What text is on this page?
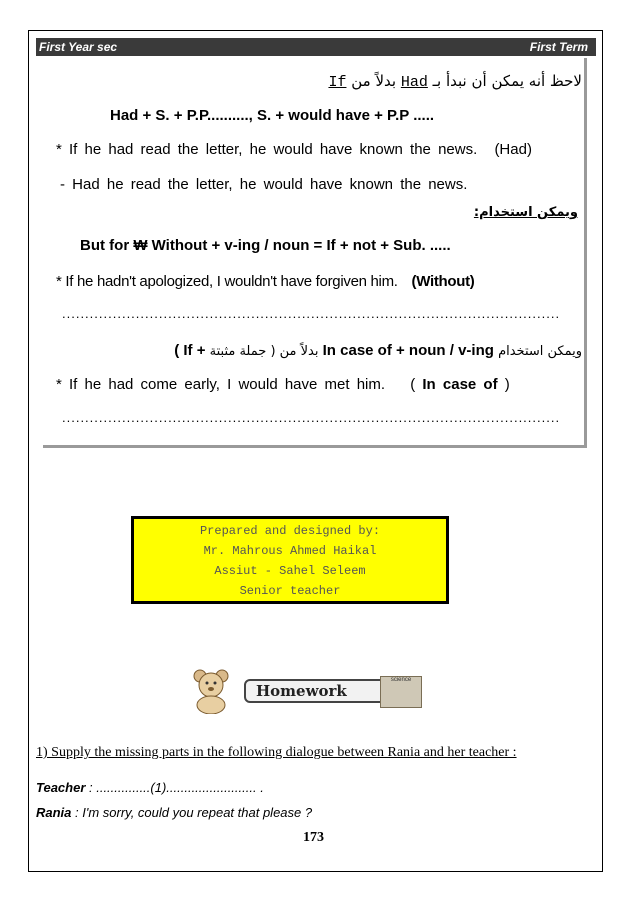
First Year sec	First Term
لاحظ أنه يمكن أن نبدأ بـ Had بدلاً من If
Had + S. + P.P.........., S. + would have + P.P .....
* If he had read the letter, he would have known the news. (Had)
- Had he read the letter, he would have known the news.
ويمكن استخدام:
But for ₩ Without + v-ing / noun = If + not + Sub. .....
* If he hadn't apologized, I wouldn't have forgiven him. (Without)
............................................................................................................
ويمكن استخدام In case of + noun / v-ing بدلاً من ( جملة مثبتة + If )
* If he had come early, I would have met him. ( In case of )
............................................................................................................
Prepared and designed by:
Mr. Mahrous Ahmed Haikal
Assiut - Sahel Seleem
Senior teacher
Homework
science
1) Supply the missing parts in the following dialogue between Rania and her teacher :
Teacher : ...............(1)......................... .
Rania : I'm sorry, could you repeat that please ?
173
